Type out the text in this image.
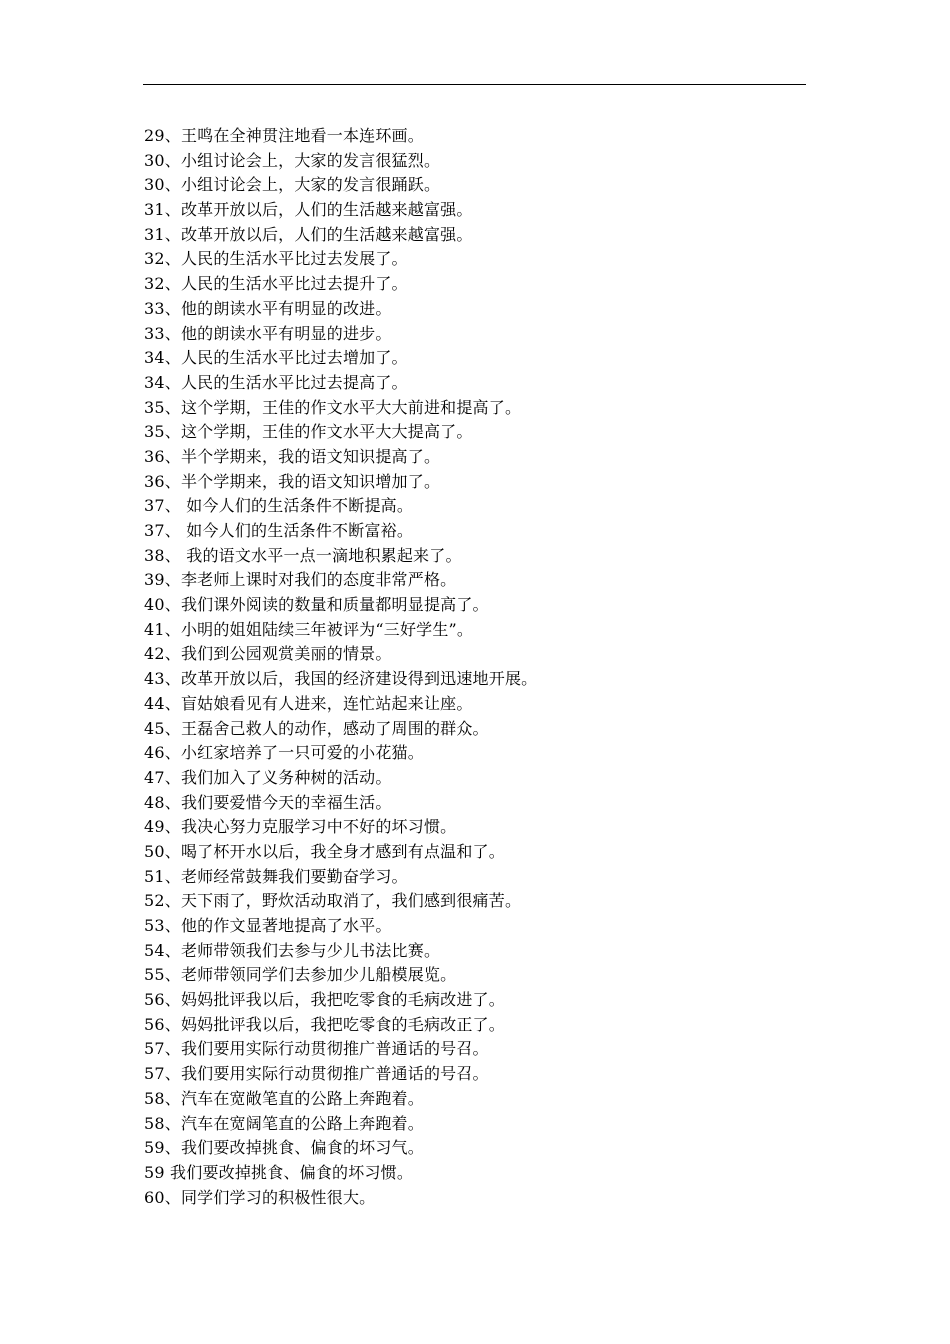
29、王鸣在全神贯注地看一本连环画。
30、小组讨论会上，大家的发言很猛烈。
30、小组讨论会上，大家的发言很踊跃。
31、改革开放以后，人们的生活越来越富强。
31、改革开放以后，人们的生活越来越富强。
32、人民的生活水平比过去发展了。
32、人民的生活水平比过去提升了。
33、他的朗读水平有明显的改进。
33、他的朗读水平有明显的进步。
34、人民的生活水平比过去增加了。
34、人民的生活水平比过去提高了。
35、这个学期，王佳的作文水平大大前进和提高了。
35、这个学期，王佳的作文水平大大提高了。
36、半个学期来，我的语文知识提高了。
36、半个学期来，我的语文知识增加了。
37、 如今人们的生活条件不断提高。
37、 如今人们的生活条件不断富裕。
38、 我的语文水平一点一滴地积累起来了。
39、李老师上课时对我们的态度非常严格。
40、我们课外阅读的数量和质量都明显提高了。
41、小明的姐姐陆续三年被评为“三好学生”。
42、我们到公园观赏美丽的情景。
43、改革开放以后，我国的经济建设得到迅速地开展。
44、盲姑娘看见有人进来，连忙站起来让座。
45、王磊舍己救人的动作，感动了周围的群众。
46、小红家培养了一只可爱的小花猫。
47、我们加入了义务种树的活动。
48、我们要爱惜今天的幸福生活。
49、我决心努力克服学习中不好的坏习惯。
50、喝了杯开水以后，我全身才感到有点温和了。
51、老师经常鼓舞我们要勤奋学习。
52、天下雨了，野炊活动取消了，我们感到很痛苦。
53、他的作文显著地提高了水平。
54、老师带领我们去参与少儿书法比赛。
55、老师带领同学们去参加少儿船模展览。
56、妈妈批评我以后，我把吃零食的毛病改进了。
56、妈妈批评我以后，我把吃零食的毛病改正了。
57、我们要用实际行动贯彻推广普通话的号召。
57、我们要用实际行动贯彻推广普通话的号召。
58、汽车在宽敞笔直的公路上奔跑着。
58、汽车在宽阔笔直的公路上奔跑着。
59、我们要改掉挑食、偏食的坏习气。
59 我们要改掉挑食、偏食的坏习惯。
60、同学们学习的积极性很大。
